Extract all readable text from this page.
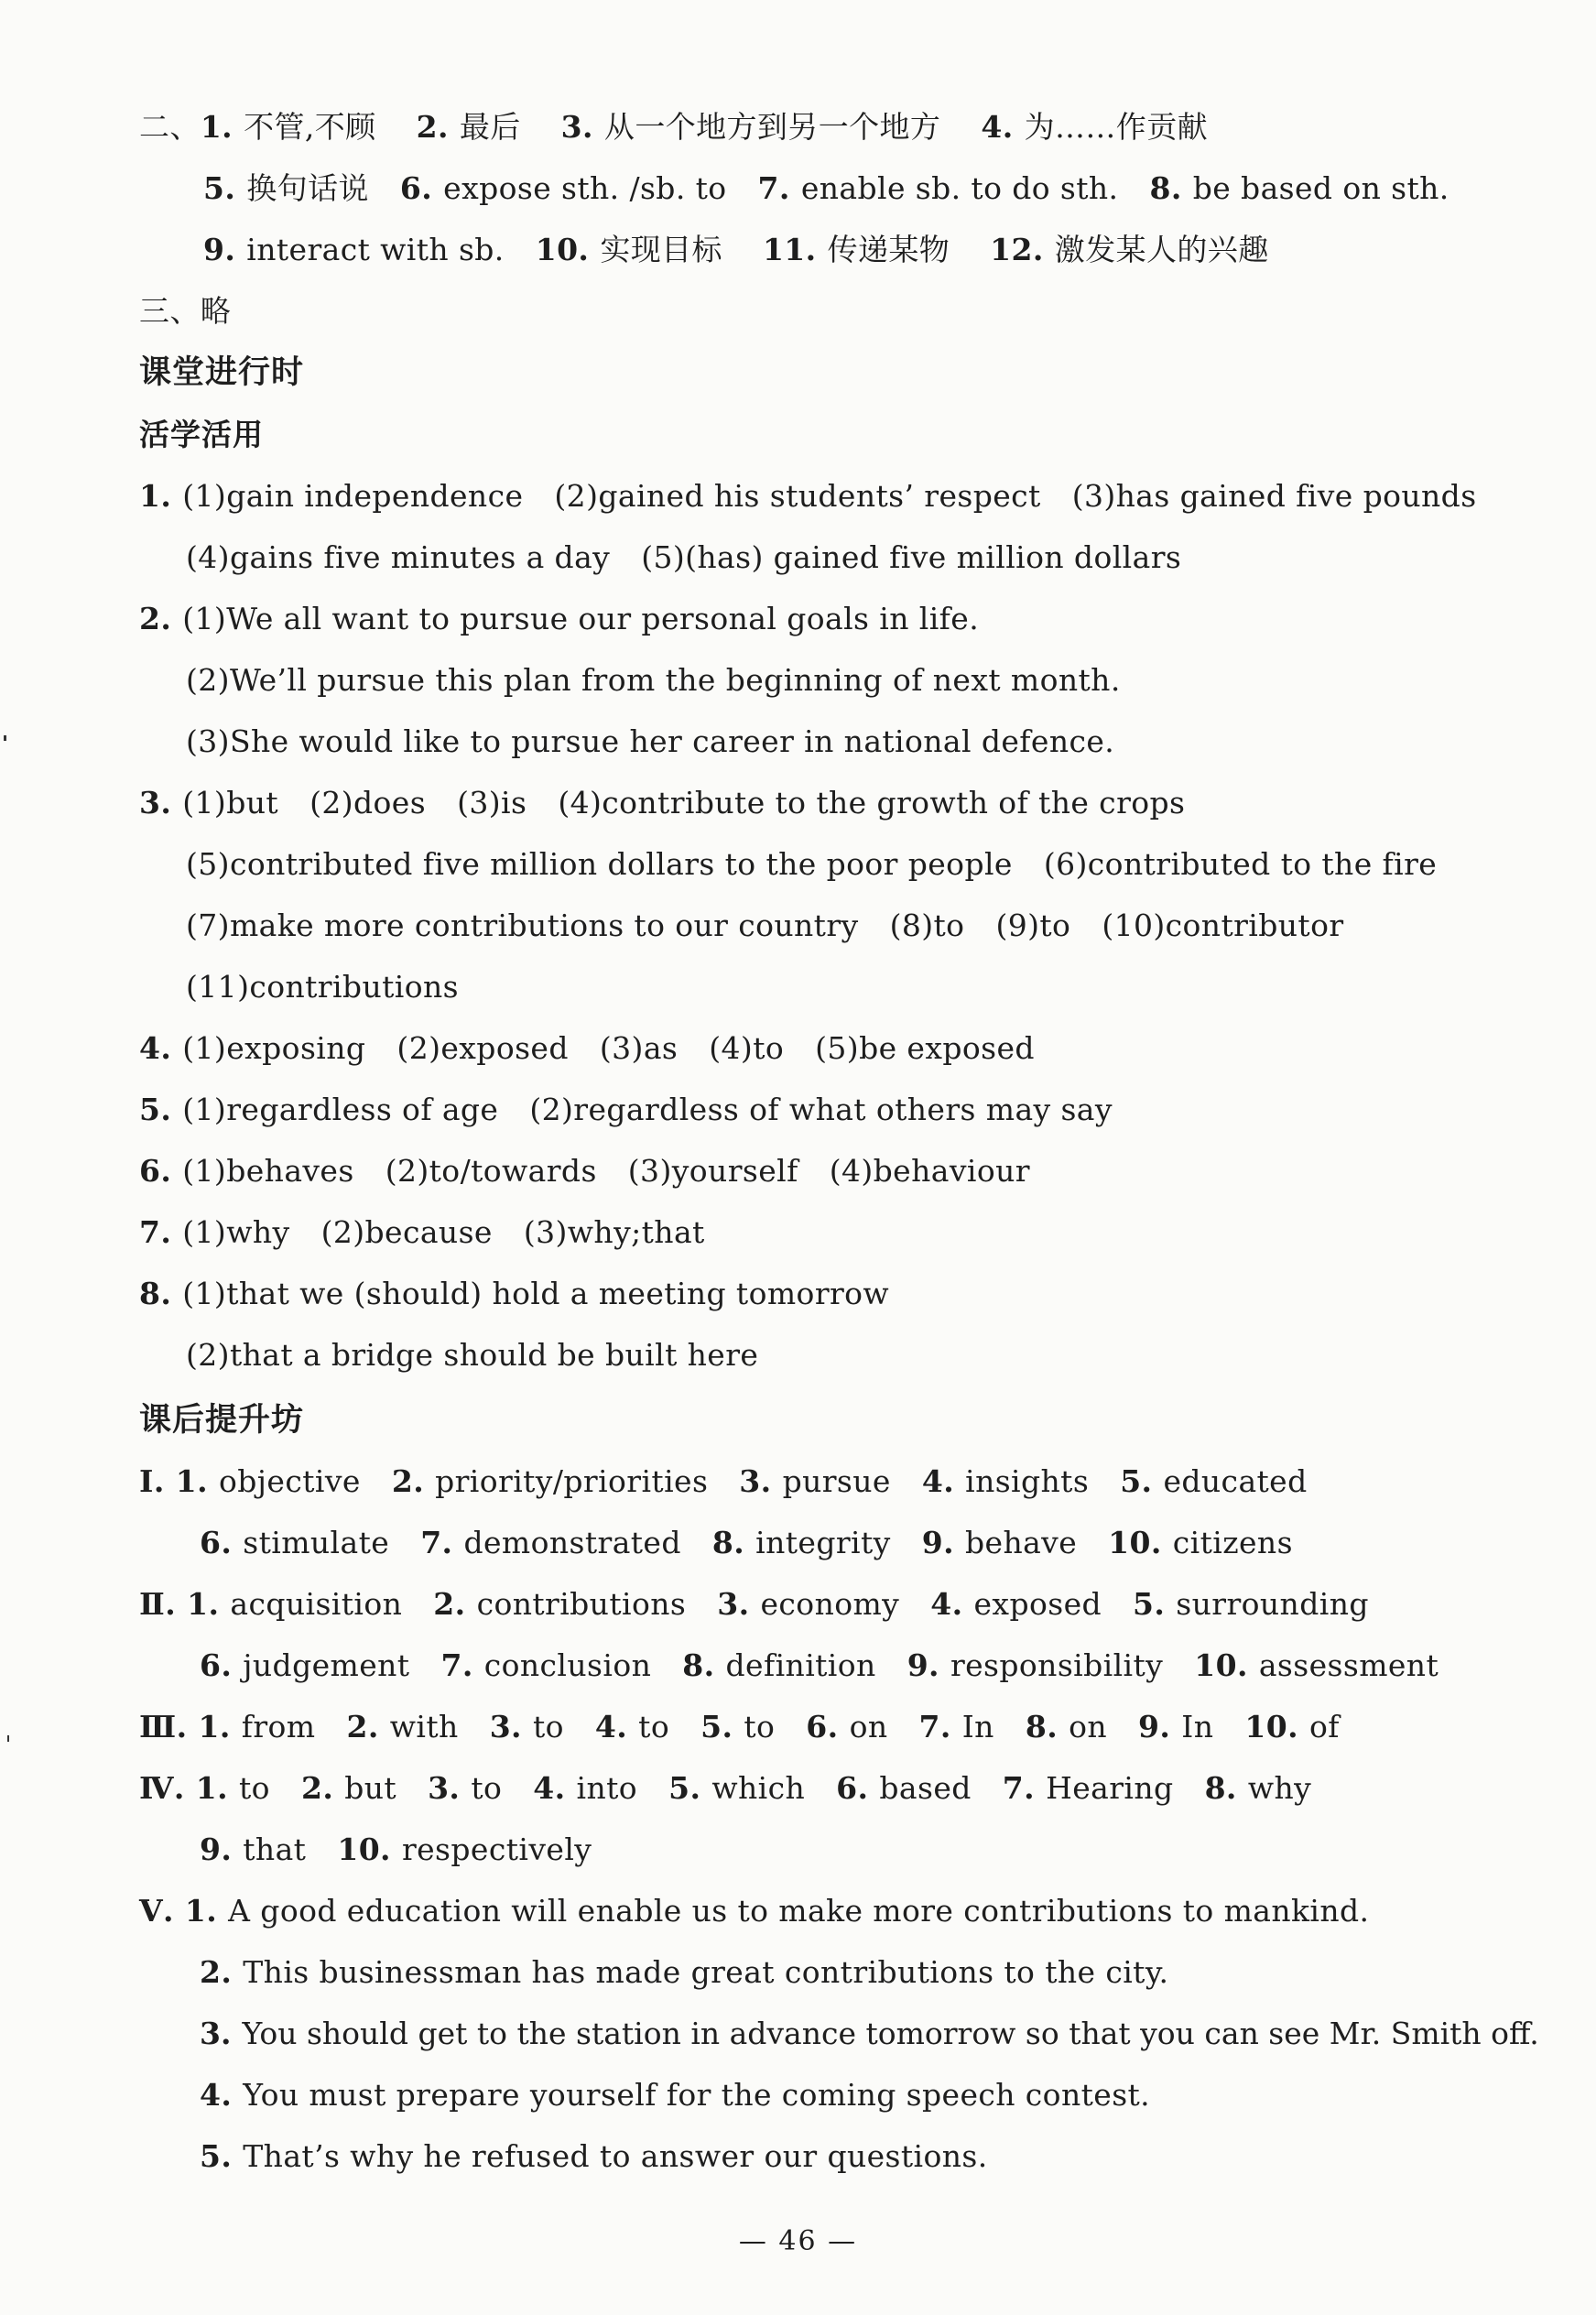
二、1. 不管,不顾 2. 最后 3. 从一个地方到另一个地方 4. 为……作贡献
5. 换句话说 6. expose sth. /sb. to 7. enable sb. to do sth. 8. be based on sth.
9. interact with sb. 10. 实现目标 11. 传递某物 12. 激发某人的兴趣
三、略
课堂进行时
活学活用
1. (1)gain independence (2)gained his students’ respect (3)has gained five pounds
(4)gains five minutes a day (5)(has) gained five million dollars
2. (1)We all want to pursue our personal goals in life.
(2)We’ll pursue this plan from the beginning of next month.
(3)She would like to pursue her career in national defence.
3. (1)but (2)does (3)is (4)contribute to the growth of the crops
(5)contributed five million dollars to the poor people (6)contributed to the fire
(7)make more contributions to our country (8)to (9)to (10)contributor
(11)contributions
4. (1)exposing (2)exposed (3)as (4)to (5)be exposed
5. (1)regardless of age (2)regardless of what others may say
6. (1)behaves (2)to/towards (3)yourself (4)behaviour
7. (1)why (2)because (3)why;that
8. (1)that we (should) hold a meeting tomorrow
(2)that a bridge should be built here
课后提升坊
Ⅰ. 1. objective 2. priority/priorities 3. pursue 4. insights 5. educated
6. stimulate 7. demonstrated 8. integrity 9. behave 10. citizens
Ⅱ. 1. acquisition 2. contributions 3. economy 4. exposed 5. surrounding
6. judgement 7. conclusion 8. definition 9. responsibility 10. assessment
Ⅲ. 1. from 2. with 3. to 4. to 5. to 6. on 7. In 8. on 9. In 10. of
Ⅳ. 1. to 2. but 3. to 4. into 5. which 6. based 7. Hearing 8. why
9. that 10. respectively
Ⅴ. 1. A good education will enable us to make more contributions to mankind.
2. This businessman has made great contributions to the city.
3. You should get to the station in advance tomorrow so that you can see Mr. Smith off.
4. You must prepare yourself for the coming speech contest.
5. That’s why he refused to answer our questions.
— 46 —
